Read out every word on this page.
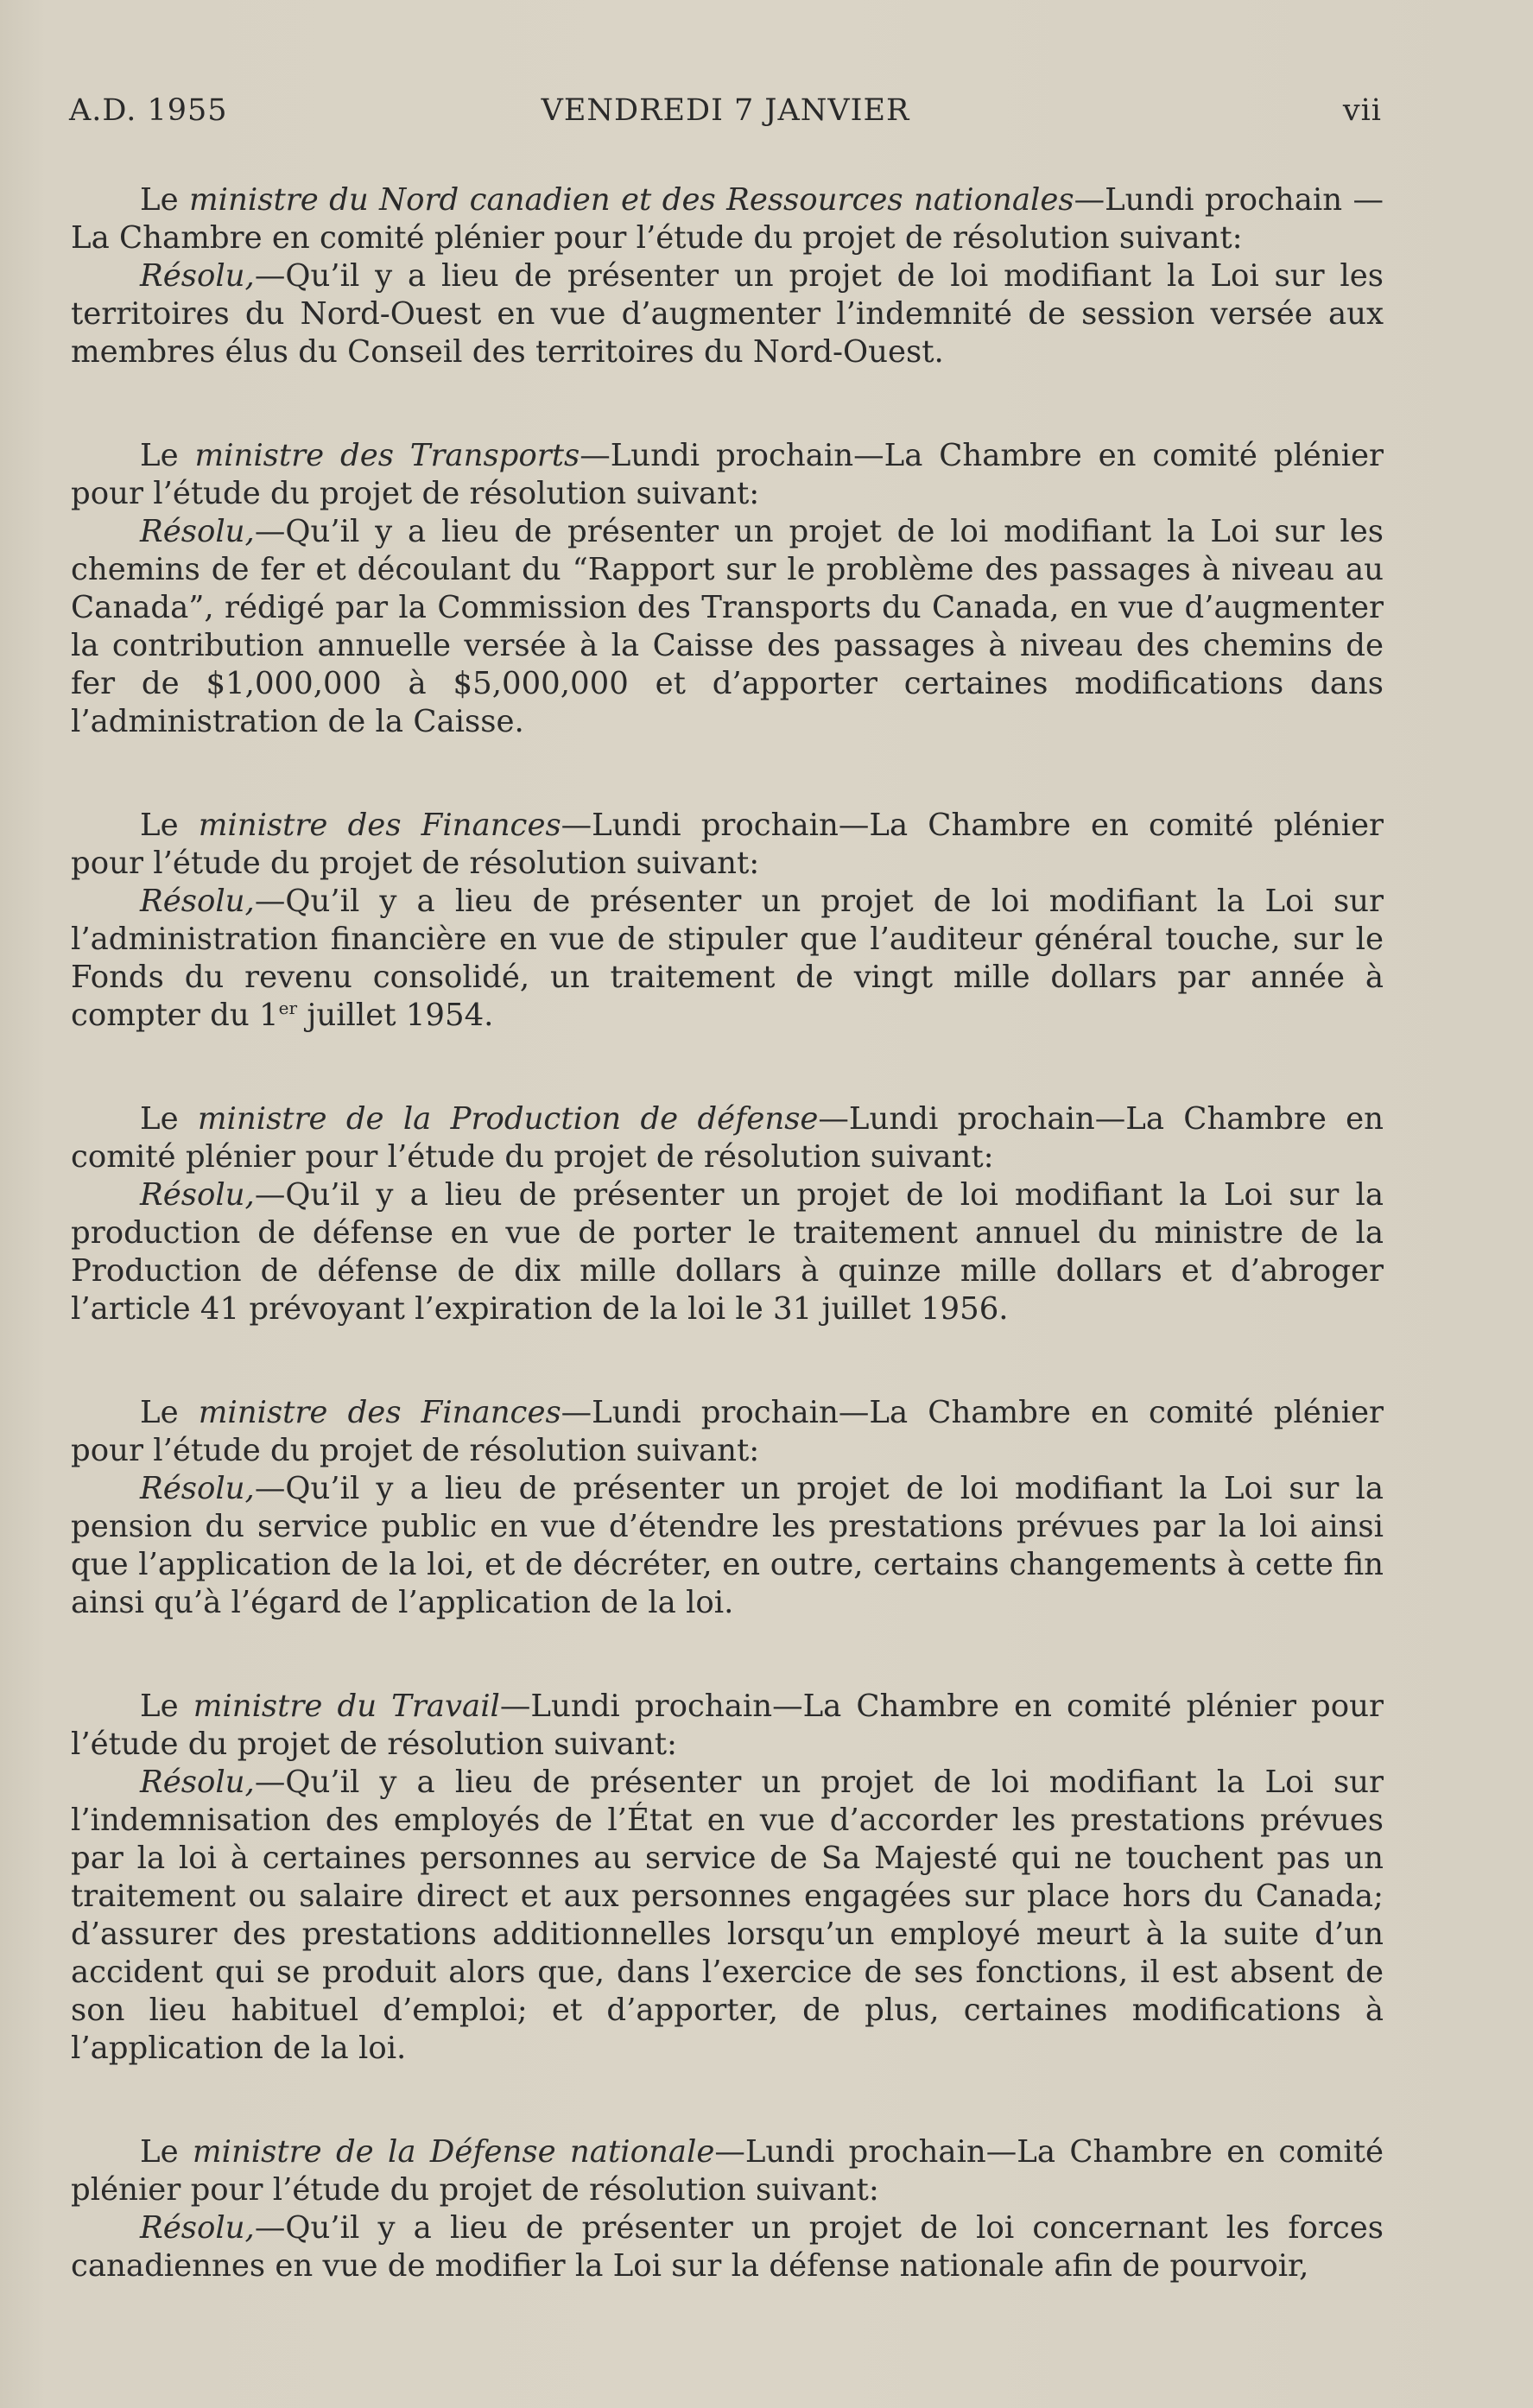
A.D. 1955	VENDREDI 7 JANVIER	vii

Le ministre du Nord canadien et des Ressources nationales—Lundi prochain —La Chambre en comité plénier pour l’étude du projet de résolution suivant:

Résolu,—Qu’il y a lieu de présenter un projet de loi modifiant la Loi sur les territoires du Nord-Ouest en vue d’augmenter l’indemnité de session versée aux membres élus du Conseil des territoires du Nord-Ouest.

Le ministre des Transports—Lundi prochain—La Chambre en comité plénier pour l’étude du projet de résolution suivant:

Résolu,—Qu’il y a lieu de présenter un projet de loi modifiant la Loi sur les chemins de fer et découlant du “Rapport sur le problème des passages à niveau au Canada”, rédigé par la Commission des Transports du Canada, en vue d’augmenter la contribution annuelle versée à la Caisse des passages à niveau des chemins de fer de $1,000,000 à $5,000,000 et d’apporter certaines modifications dans l’administration de la Caisse.

Le ministre des Finances—Lundi prochain—La Chambre en comité plénier pour l’étude du projet de résolution suivant:

Résolu,—Qu’il y a lieu de présenter un projet de loi modifiant la Loi sur l’administration financière en vue de stipuler que l’auditeur général touche, sur le Fonds du revenu consolidé, un traitement de vingt mille dollars par année à compter du 1er juillet 1954.

Le ministre de la Production de défense—Lundi prochain—La Chambre en comité plénier pour l’étude du projet de résolution suivant:

Résolu,—Qu’il y a lieu de présenter un projet de loi modifiant la Loi sur la production de défense en vue de porter le traitement annuel du ministre de la Production de défense de dix mille dollars à quinze mille dollars et d’abroger l’article 41 prévoyant l’expiration de la loi le 31 juillet 1956.

Le ministre des Finances—Lundi prochain—La Chambre en comité plénier pour l’étude du projet de résolution suivant:

Résolu,—Qu’il y a lieu de présenter un projet de loi modifiant la Loi sur la pension du service public en vue d’étendre les prestations prévues par la loi ainsi que l’application de la loi, et de décréter, en outre, certains changements à cette fin ainsi qu’à l’égard de l’application de la loi.

Le ministre du Travail—Lundi prochain—La Chambre en comité plénier pour l’étude du projet de résolution suivant:

Résolu,—Qu’il y a lieu de présenter un projet de loi modifiant la Loi sur l’indemnisation des employés de l’État en vue d’accorder les prestations prévues par la loi à certaines personnes au service de Sa Majesté qui ne touchent pas un traitement ou salaire direct et aux personnes engagées sur place hors du Canada; d’assurer des prestations additionnelles lorsqu’un employé meurt à la suite d’un accident qui se produit alors que, dans l’exercice de ses fonctions, il est absent de son lieu habituel d’emploi; et d’apporter, de plus, certaines modifications à l’application de la loi.

Le ministre de la Défense nationale—Lundi prochain—La Chambre en comité plénier pour l’étude du projet de résolution suivant:

Résolu,—Qu’il y a lieu de présenter un projet de loi concernant les forces canadiennes en vue de modifier la Loi sur la défense nationale afin de pourvoir,
